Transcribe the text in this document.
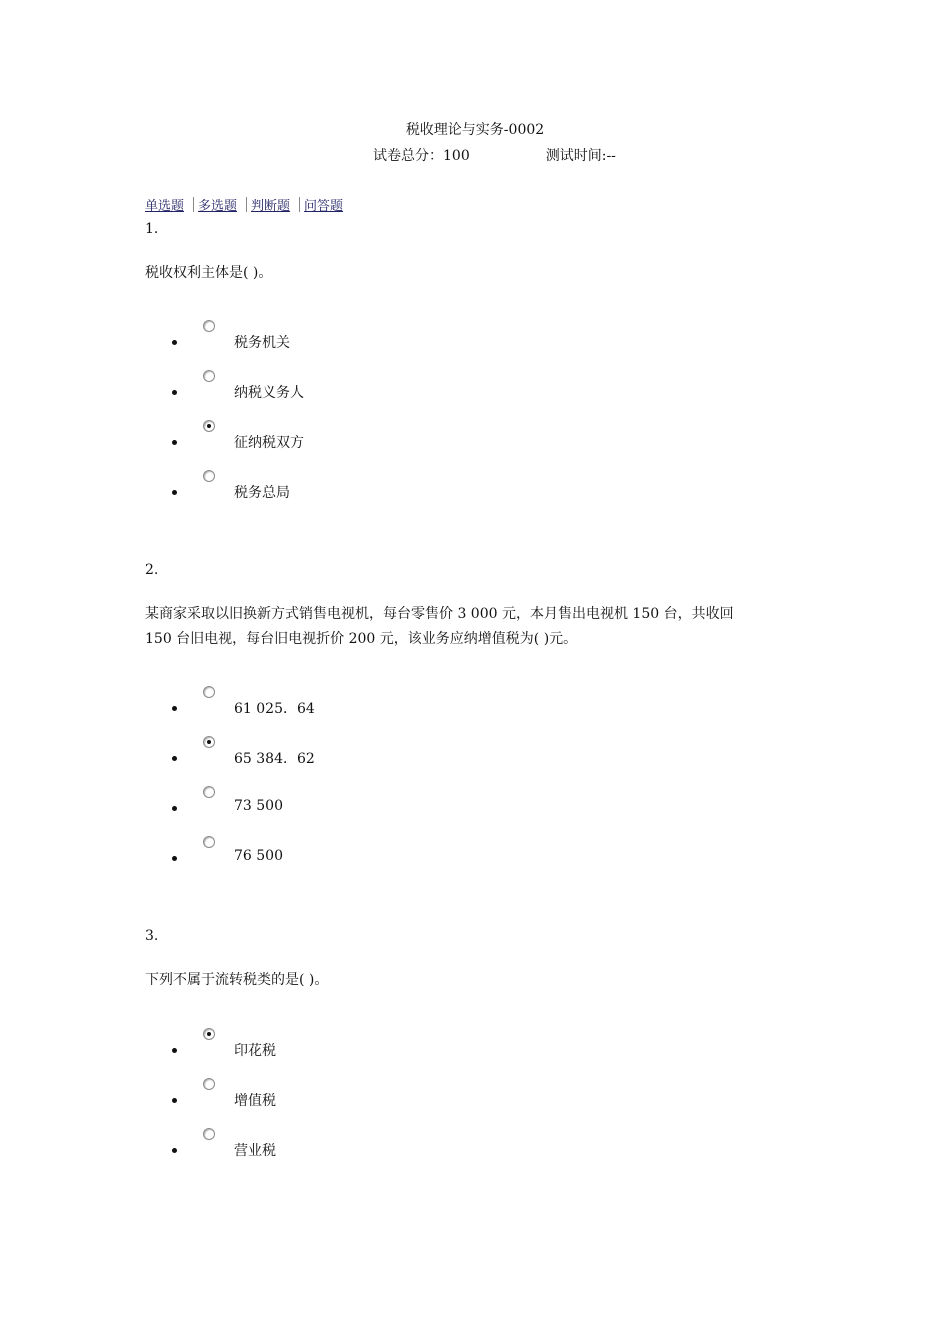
税收理论与实务-0002
试卷总分：100	测试时间:--
单选题 多选题 判断题 问答题
1.
税收权利主体是( )。
税务机关
纳税义务人
征纳税双方
税务总局
2.
某商家采取以旧换新方式销售电视机，每台零售价 3 000 元，本月售出电视机 150 台，共收回
150 台旧电视，每台旧电视折价 200 元，该业务应纳增值税为( )元。
61 025．64
65 384．62
73 500
76 500
3.
下列不属于流转税类的是( )。
印花税
增值税
营业税
